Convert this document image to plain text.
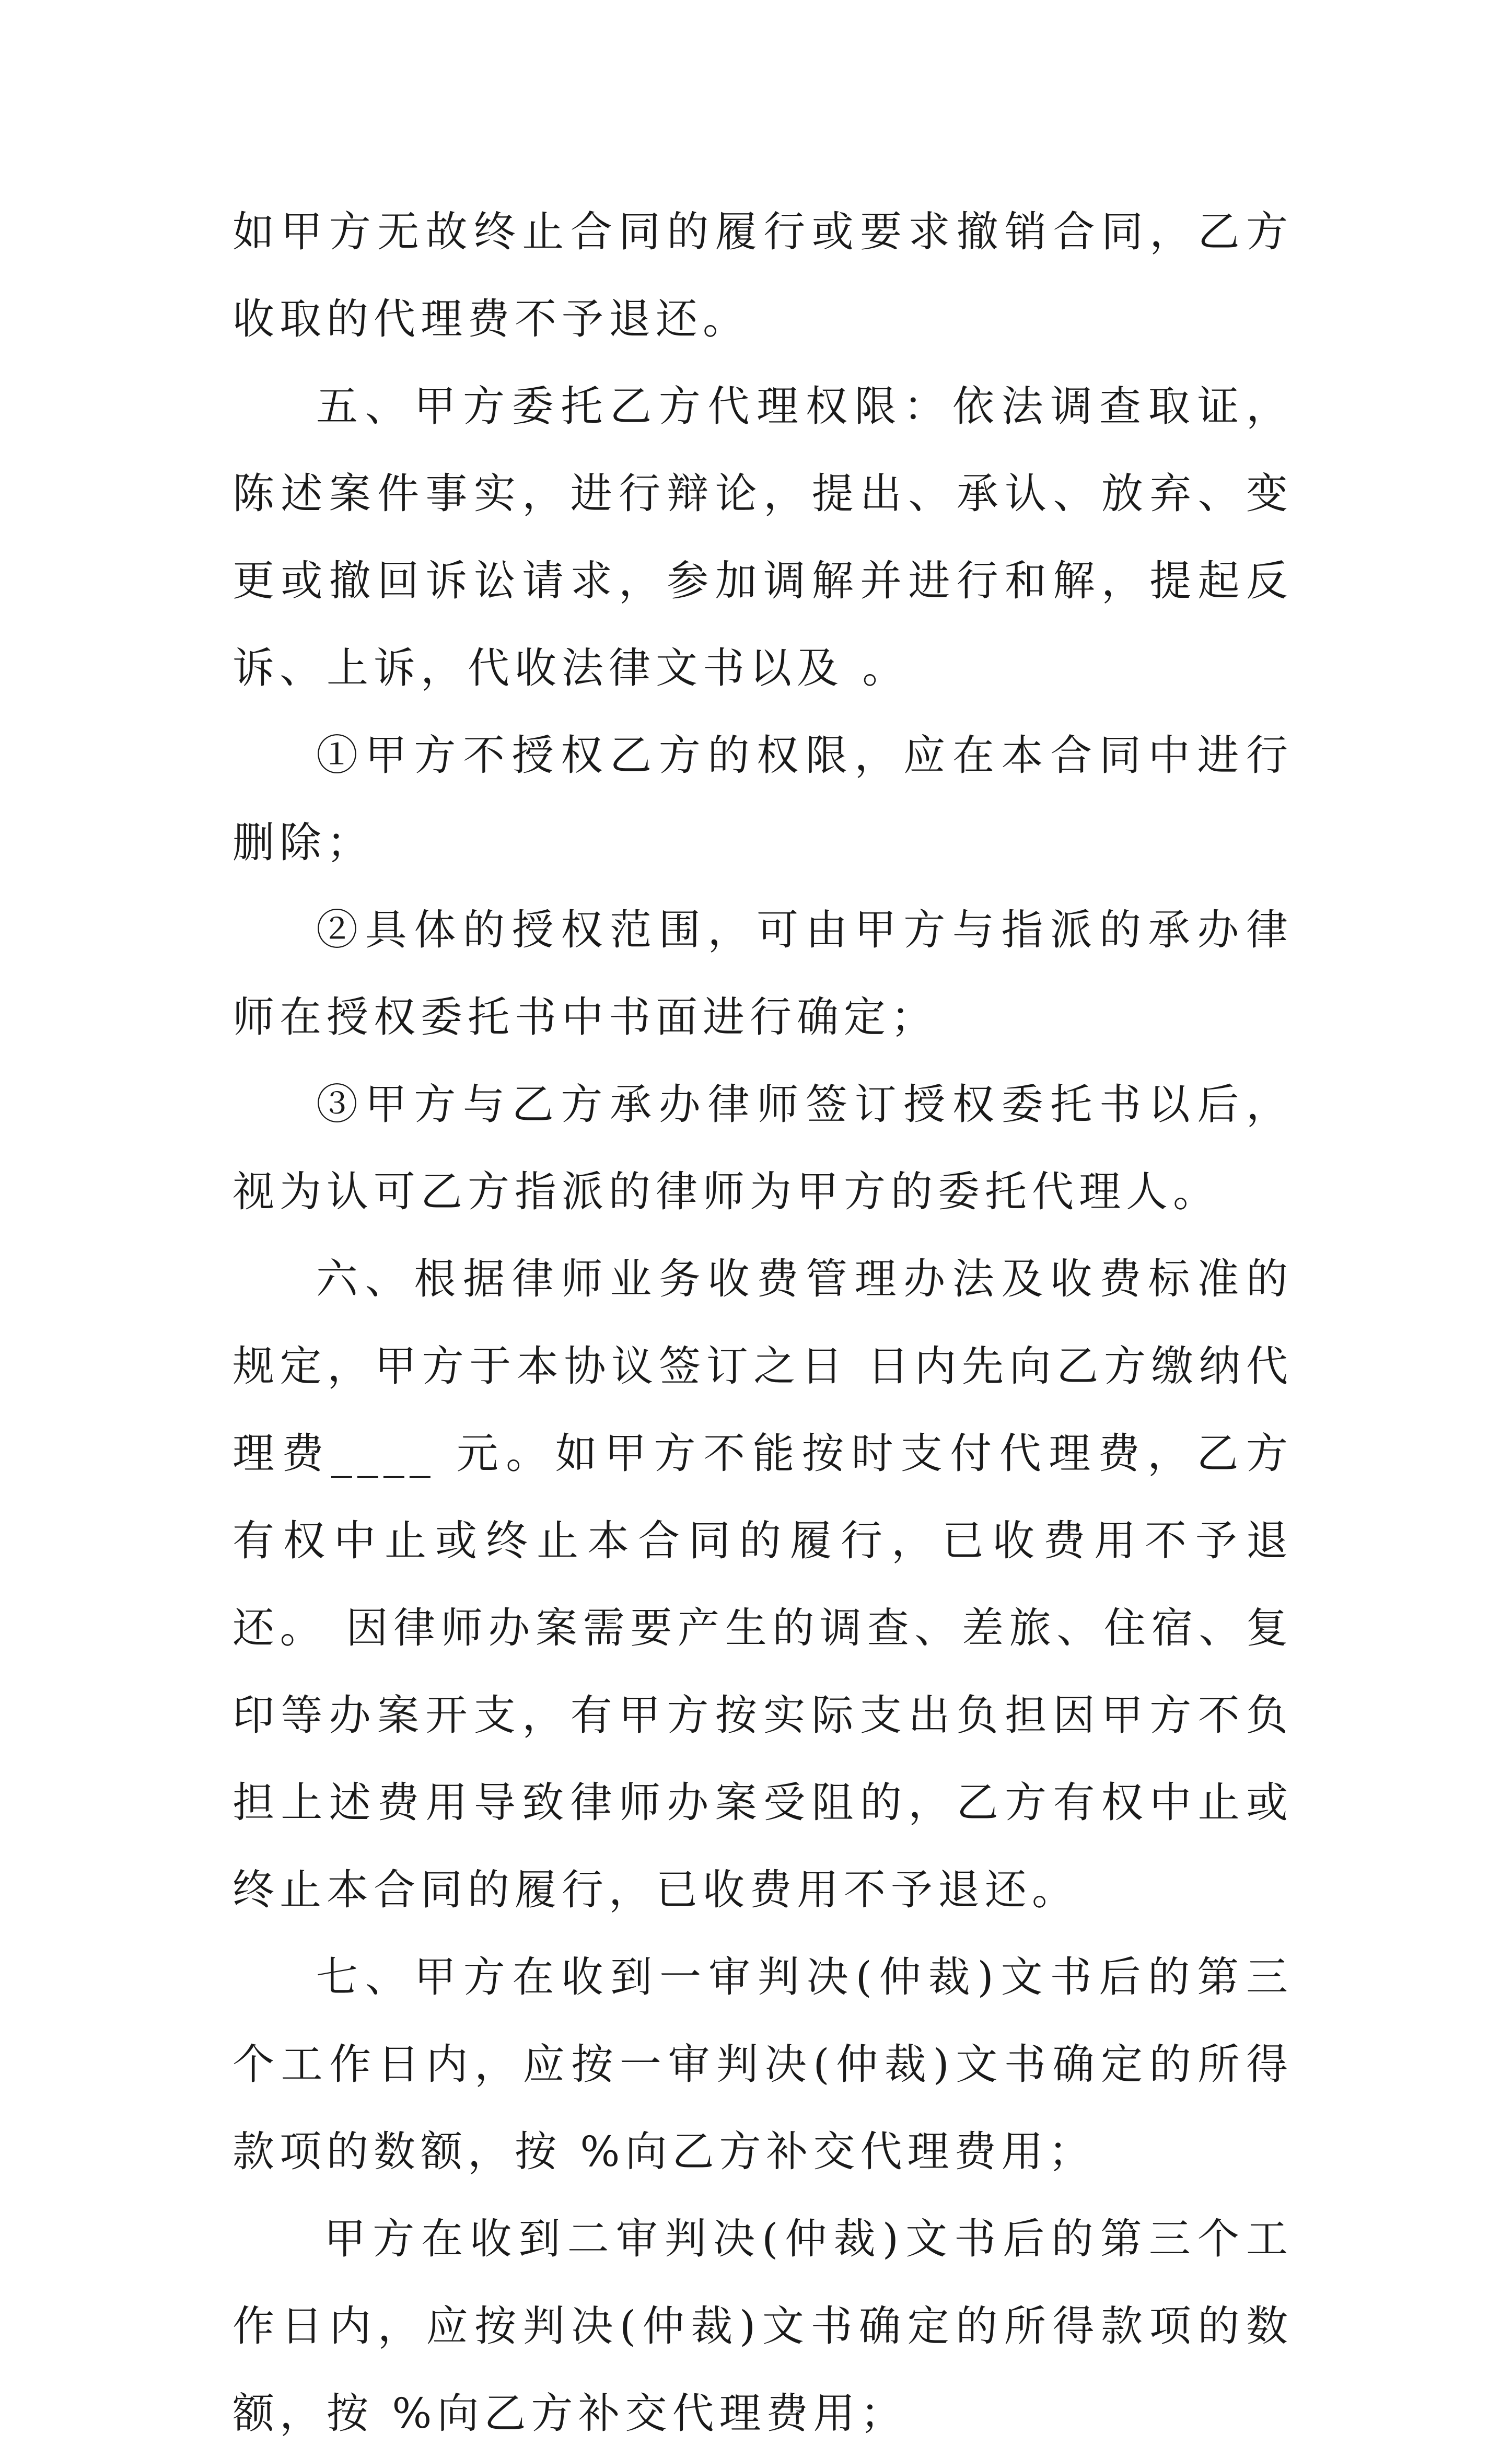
如甲方无故终止合同的履行或要求撤销合同，乙方收取的代理费不予退还。

五、甲方委托乙方代理权限：依法调查取证，陈述案件事实，进行辩论，提出、承认、放弃、变更或撤回诉讼请求，参加调解并进行和解，提起反诉、上诉，代收法律文书以及 。

①甲方不授权乙方的权限，应在本合同中进行删除；

②具体的授权范围，可由甲方与指派的承办律师在授权委托书中书面进行确定；

③甲方与乙方承办律师签订授权委托书以后，视为认可乙方指派的律师为甲方的委托代理人。

六、根据律师业务收费管理办法及收费标准的规定，甲方于本协议签订之日 日内先向乙方缴纳代理费____ 元。如甲方不能按时支付代理费，乙方有权中止或终止本合同的履行，已收费用不予退还。 因律师办案需要产生的调查、差旅、住宿、复印等办案开支，有甲方按实际支出负担因甲方不负担上述费用导致律师办案受阻的，乙方有权中止或终止本合同的履行，已收费用不予退还。

七、甲方在收到一审判决(仲裁)文书后的第三个工作日内，应按一审判决(仲裁)文书确定的所得款项的数额，按 %向乙方补交代理费用；

甲方在收到二审判决(仲裁)文书后的第三个工作日内，应按判决(仲裁)文书确定的所得款项的数额，按 %向乙方补交代理费用；
